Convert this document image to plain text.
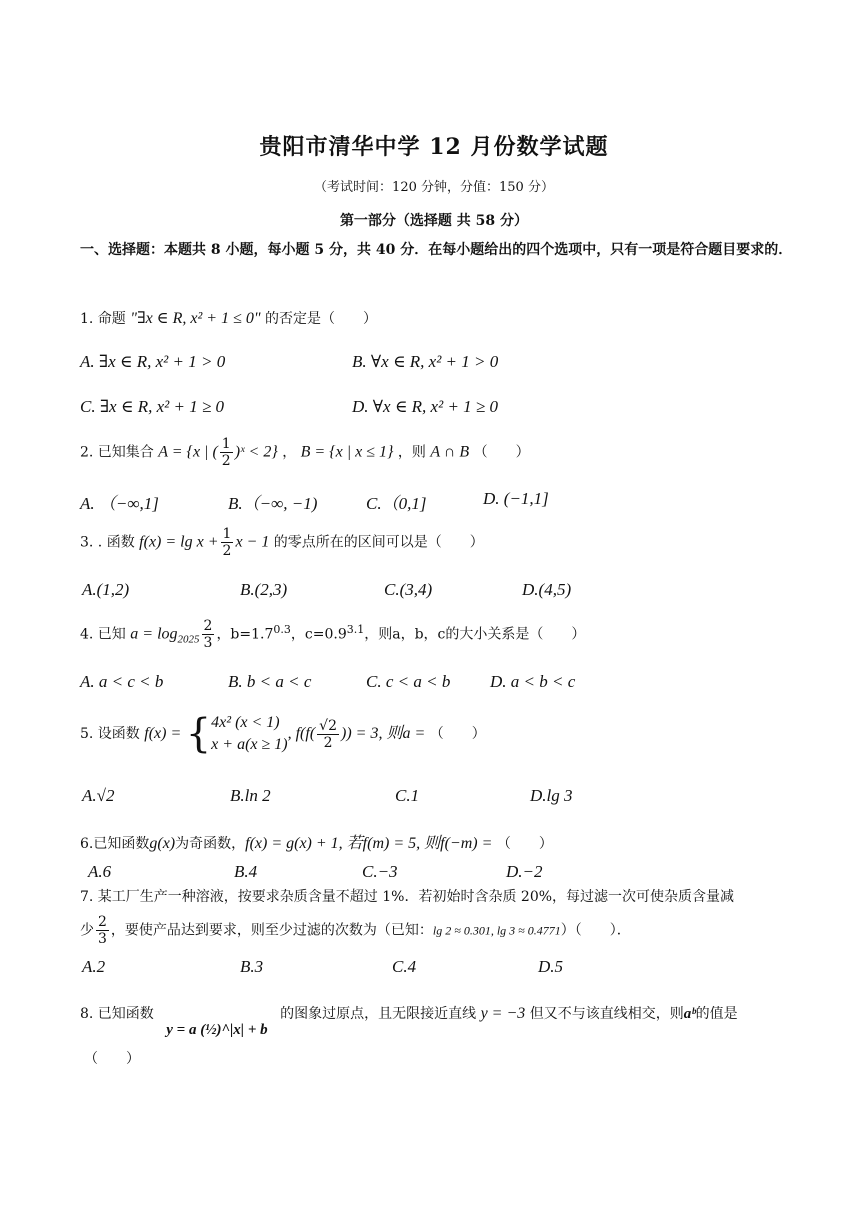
贵阳市清华中学 12 月份数学试题
（考试时间：120 分钟，分值：150 分）
第一部分（选择题 共 58 分）
一、选择题：本题共 8 小题，每小题 5 分，共 40 分．在每小题给出的四个选项中，只有一项是符合题目要求的．
1. 命题 "∃x ∈ R, x² + 1 ≤ 0" 的否定是（　　）
A. ∃x ∈ R, x² + 1 > 0	B. ∀x ∈ R, x² + 1 > 0
C. ∃x ∈ R, x² + 1 ≥ 0	D. ∀x ∈ R, x² + 1 ≥ 0
2. 已知集合 A = {x | ( $\frac{1}{2}$ )ˣ < 2} ， B = {x | x ≤ 1} ，则 A ∩ B （　　）
A. （−∞,1]	B.（−∞, −1)	C.（0,1]	D. (−1,1]
3. . 函数 $f(x) = \lg x + \frac{1}{2}$ x − 1 的零点所在的区间可以是（　　）
A.(1,2)	B.(2,3)	C.(3,4)	D.(4,5)
4. 已知 $a = \log_{2025} \frac{2}{3}$ ，$b=1.7^{0.3}$，$c=0.9^{3.1}$，则a，b，c的大小关系是（　　）
A. a < c < b	B. b < a < c	C. c < a < b D. a < b < c
5. 设函数 f(x) = { 4x² (x < 1)
x + a(x ≥ 1)
, $f(f( \frac{√2}{2}$ )) = 3, 则a = （　　）
A.√2	B.ln 2	C.1	D.lg 3
6.已知函数g(x)为奇函数，f(x) = g(x) + 1, 若f(m) = 5, 则f(−m) = （　　）
A.6	B.4	C.−3	D.−2
7. 某工厂生产一种溶液，按要求杂质含量不超过 1%．若初始时含杂质 20%，每过滤一次可使杂质含量减
少 $\frac{2}{3}$ ，要使产品达到要求，则至少过滤的次数为（已知：lg 2 ≈ 0.301, lg 3 ≈ 0.4771）（　　）．
A.2	B.3	C.4	D.5
8. 已知函数 y = a (½)^|x| + b 的图象过原点，且无限接近直线 y = −3 但又不与该直线相交，则aᵇ的值是
（　　）
